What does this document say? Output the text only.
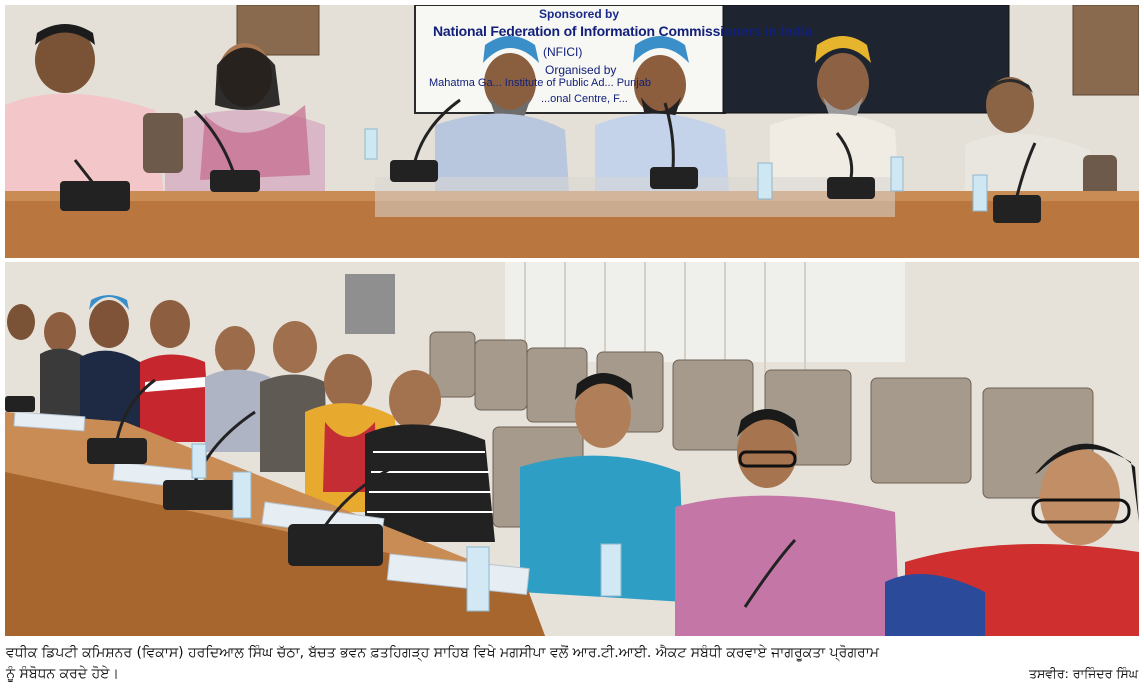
Sponsored by
National Federation of Information Commissioners in India
(NFICI)
Organised by
Mahatma Ga... Institute of Public Ad... Punjab
...onal Centre, F...
ਵਧੀਕ ਡਿਪਟੀ ਕਮਿਸ਼ਨਰ (ਵਿਕਾਸ) ਹਰਦਿਆਲ ਸਿੰਘ ਚੱਠਾ, ਬੱਚਤ ਭਵਨ ਫ਼ਤਹਿਗੜ੍ਹ ਸਾਹਿਬ ਵਿਖੇ ਮਗਸੀਪਾ ਵਲੋਂ ਆਰ.ਟੀ.ਆਈ. ਐਕਟ ਸਬੰਧੀ ਕਰਵਾਏ ਜਾਗਰੂਕਤਾ ਪ੍ਰੋਗਰਾਮ
ਨੂੰ ਸੰਬੋਧਨ ਕਰਦੇ ਹੋਏ।	ਤਸਵੀਰ: ਰਾਜਿੰਦਰ ਸਿੰਘ
